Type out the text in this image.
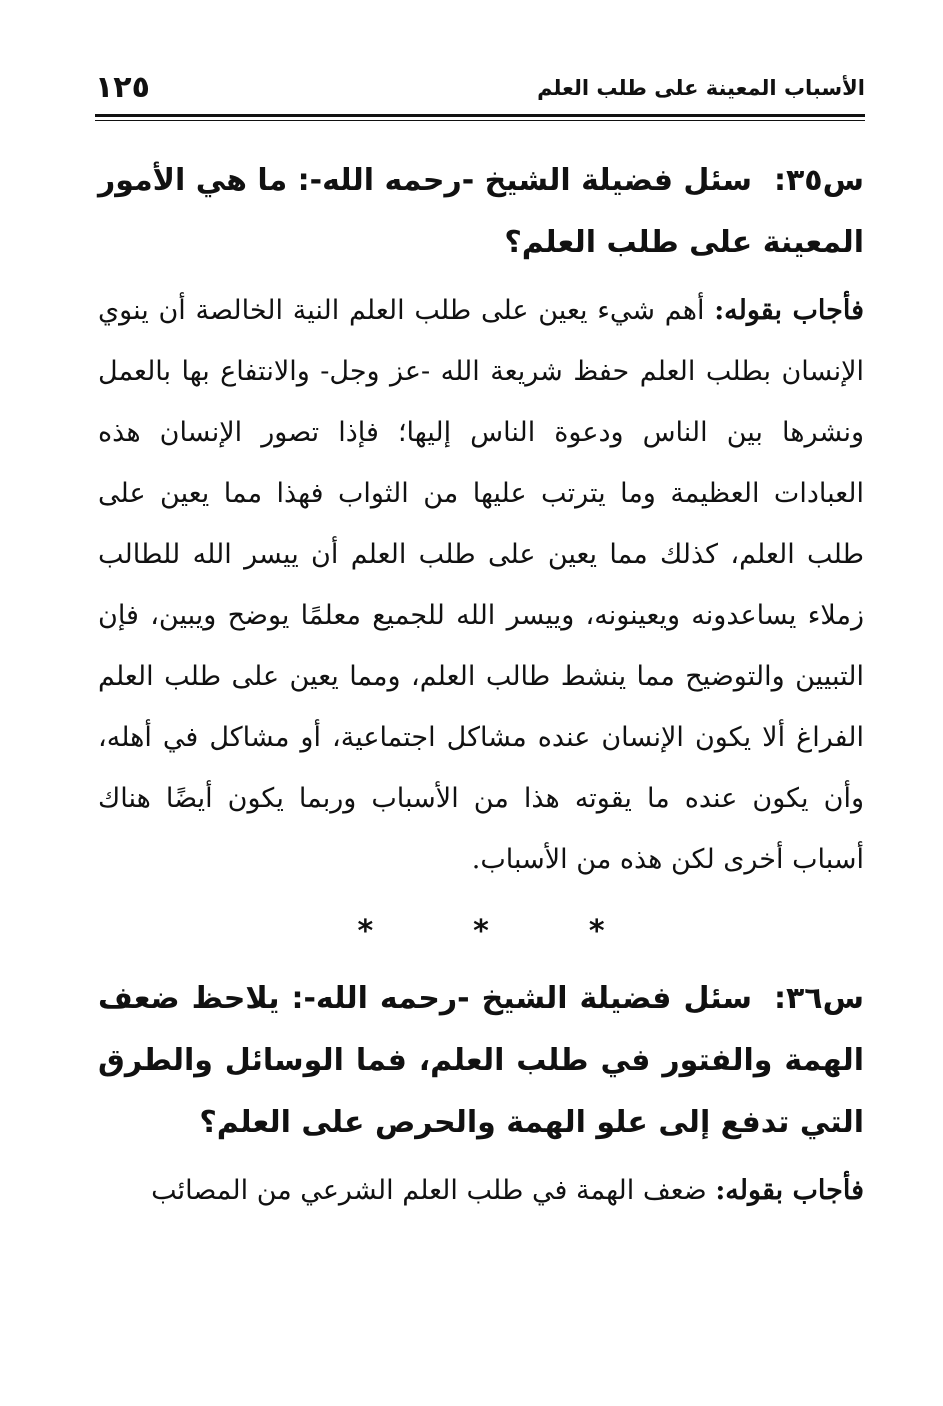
الأسباب المعينة على طلب العلم
١٢٥

س٣٥:سئل فضيلة الشيخ -رحمه الله-: ما هي الأمور المعينة على طلب العلم؟

فأجاب بقوله: أهم شيء يعين على طلب العلم النية الخالصة أن ينوي الإنسان بطلب العلم حفظ شريعة الله -عز وجل- والانتفاع بها بالعمل ونشرها بين الناس ودعوة الناس إليها؛ فإذا تصور الإنسان هذه العبادات العظيمة وما يترتب عليها من الثواب فهذا مما يعين على طلب العلم، كذلك مما يعين على طلب العلم أن ييسر الله للطالب زملاء يساعدونه ويعينونه، وييسر الله للجميع معلمًا يوضح ويبين، فإن التبيين والتوضيح مما ينشط طالب العلم، ومما يعين على طلب العلم الفراغ ألا يكون الإنسان عنده مشاكل اجتماعية، أو مشاكل في أهله، وأن يكون عنده ما يقوته هذا من الأسباب وربما يكون أيضًا هناك أسباب أخرى لكن هذه من الأسباب.

*	*	*

س٣٦:سئل فضيلة الشيخ -رحمه الله-: يلاحظ ضعف الهمة والفتور في طلب العلم، فما الوسائل والطرق التي تدفع إلى علو الهمة والحرص على العلم؟

فأجاب بقوله: ضعف الهمة في طلب العلم الشرعي من المصائب
